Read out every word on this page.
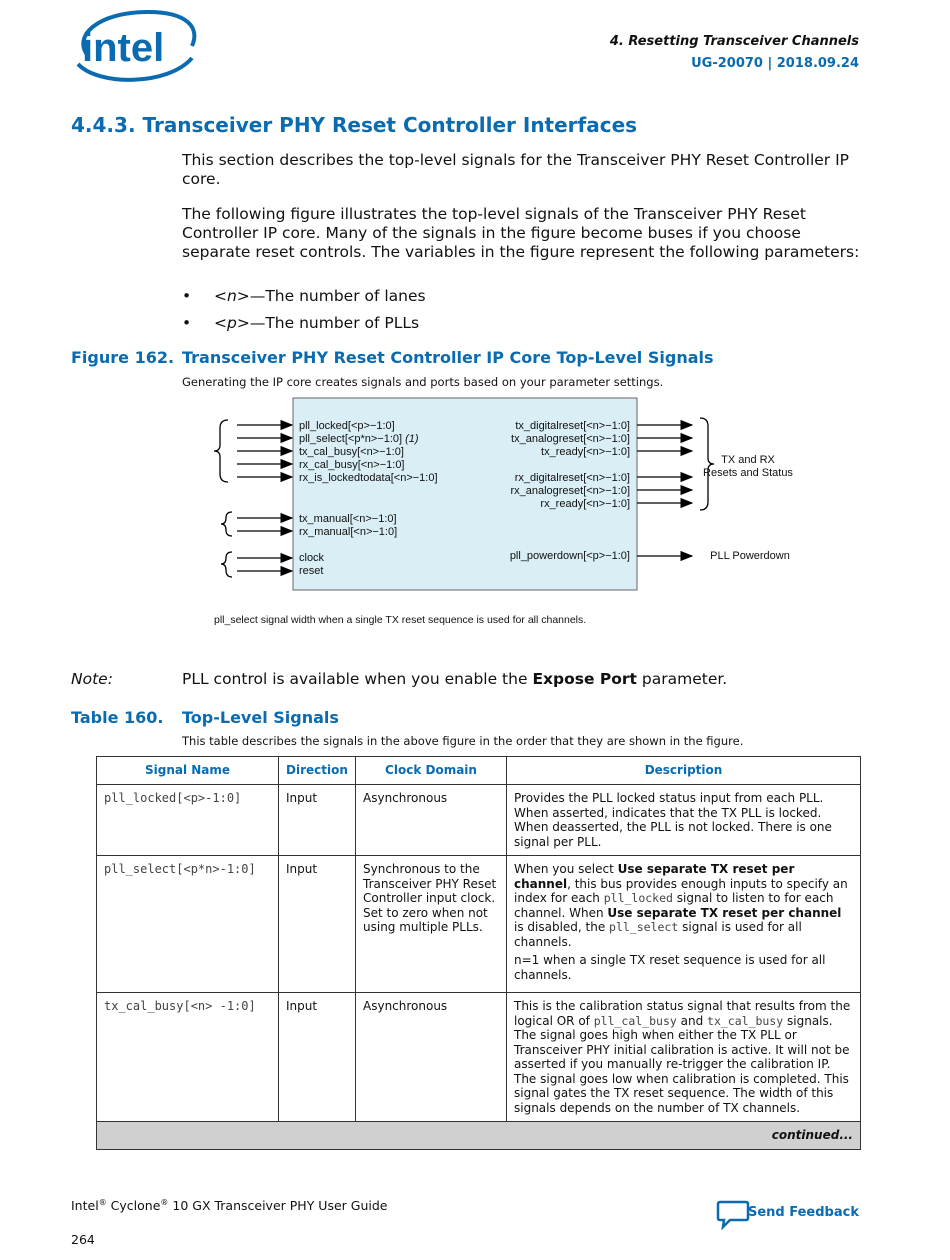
intel	4. Resetting Transceiver Channels
UG-20070 | 2018.09.24
4.4.3. Transceiver PHY Reset Controller Interfaces
This section describes the top-level signals for the Transceiver PHY Reset Controller IP core.
The following figure illustrates the top-level signals of the Transceiver PHY Reset Controller IP core. Many of the signals in the figure become buses if you choose separate reset controls. The variables in the figure represent the following parameters:
• <n>—The number of lanes
• <p>—The number of PLLs
Figure 162. Transceiver PHY Reset Controller IP Core Top-Level Signals
Generating the IP core creates signals and ports based on your parameter settings.
pll_locked[<p>−1:0]
pll_select[<p*n>−1:0] (1)
tx_cal_busy[<n>−1:0]
rx_cal_busy[<n>−1:0]
rx_is_lockedtodata[<n>−1:0]
tx_manual[<n>−1:0]
rx_manual[<n>−1:0]
clock
reset
tx_digitalreset[<n>−1:0]
tx_analogreset[<n>−1:0]
tx_ready[<n>−1:0]
rx_digitalreset[<n>−1:0]
rx_analogreset[<n>−1:0]
rx_ready[<n>−1:0]
pll_powerdown[<p>−1:0]
TX and RX
Resets and Status
PLL Powerdown
pll_select signal width when a single TX reset sequence is used for all channels.
Note:	PLL control is available when you enable the Expose Port parameter.
Table 160. Top-Level Signals
This table describes the signals in the above figure in the order that they are shown in the figure.
Signal Name	Direction	Clock Domain	Description
pll_locked[<p>-1:0]	Input	Asynchronous	Provides the PLL locked status input from each PLL. When asserted, indicates that the TX PLL is locked. When deasserted, the PLL is not locked. There is one signal per PLL.
pll_select[<p*n>-1:0]	Input	Synchronous to the Transceiver PHY Reset Controller input clock. Set to zero when not using multiple PLLs.	When you select Use separate TX reset per channel, this bus provides enough inputs to specify an index for each pll_locked signal to listen to for each channel. When Use separate TX reset per channel is disabled, the pll_select signal is used for all channels.

n=1 when a single TX reset sequence is used for all channels.

tx_cal_busy[<n> -1:0]	Input	Asynchronous	This is the calibration status signal that results from the logical OR of pll_cal_busy and tx_cal_busy signals. The signal goes high when either the TX PLL or Transceiver PHY initial calibration is active. It will not be asserted if you manually re-trigger the calibration IP. The signal goes low when calibration is completed. This signal gates the TX reset sequence. The width of this signals depends on the number of TX channels.
continued...			
Intel® Cyclone® 10 GX Transceiver PHY User Guide
264
Send Feedback
